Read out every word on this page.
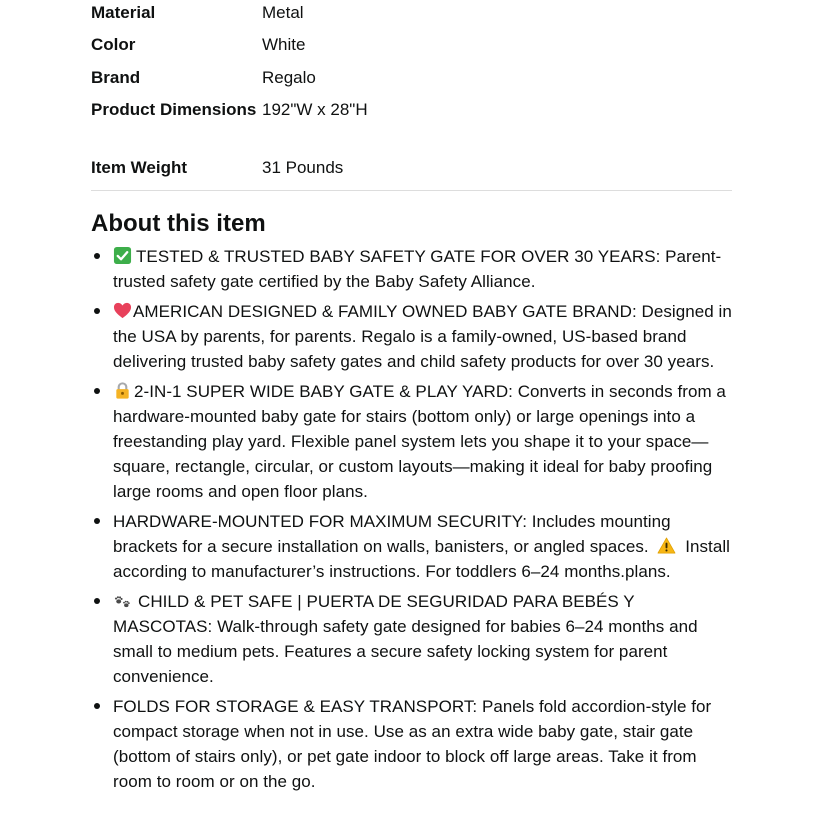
Material	Metal
Color	White
Brand	Regalo
Product Dimensions	192"W x 28"H
Item Weight	31 Pounds
About this item
TESTED & TRUSTED BABY SAFETY GATE FOR OVER 30 YEARS: Parent-trusted safety gate certified by the Baby Safety Alliance.
AMERICAN DESIGNED & FAMILY OWNED BABY GATE BRAND: Designed in the USA by parents, for parents. Regalo is a family-owned, US-based brand delivering trusted baby safety gates and child safety products for over 30 years.
2-IN-1 SUPER WIDE BABY GATE & PLAY YARD: Converts in seconds from a hardware-mounted baby gate for stairs (bottom only) or large openings into a freestanding play yard. Flexible panel system lets you shape it to your space—square, rectangle, circular, or custom layouts—making it ideal for baby proofing large rooms and open floor plans.
HARDWARE-MOUNTED FOR MAXIMUM SECURITY: Includes mounting brackets for a secure installation on walls, banisters, or angled spaces. Install according to manufacturer’s instructions. For toddlers 6–24 months.plans.
CHILD & PET SAFE | PUERTA DE SEGURIDAD PARA BEBÉS Y MASCOTAS: Walk-through safety gate designed for babies 6–24 months and small to medium pets. Features a secure safety locking system for parent convenience.
FOLDS FOR STORAGE & EASY TRANSPORT: Panels fold accordion-style for compact storage when not in use. Use as an extra wide baby gate, stair gate (bottom of stairs only), or pet gate indoor to block off large areas. Take it from room to room or on the go.
